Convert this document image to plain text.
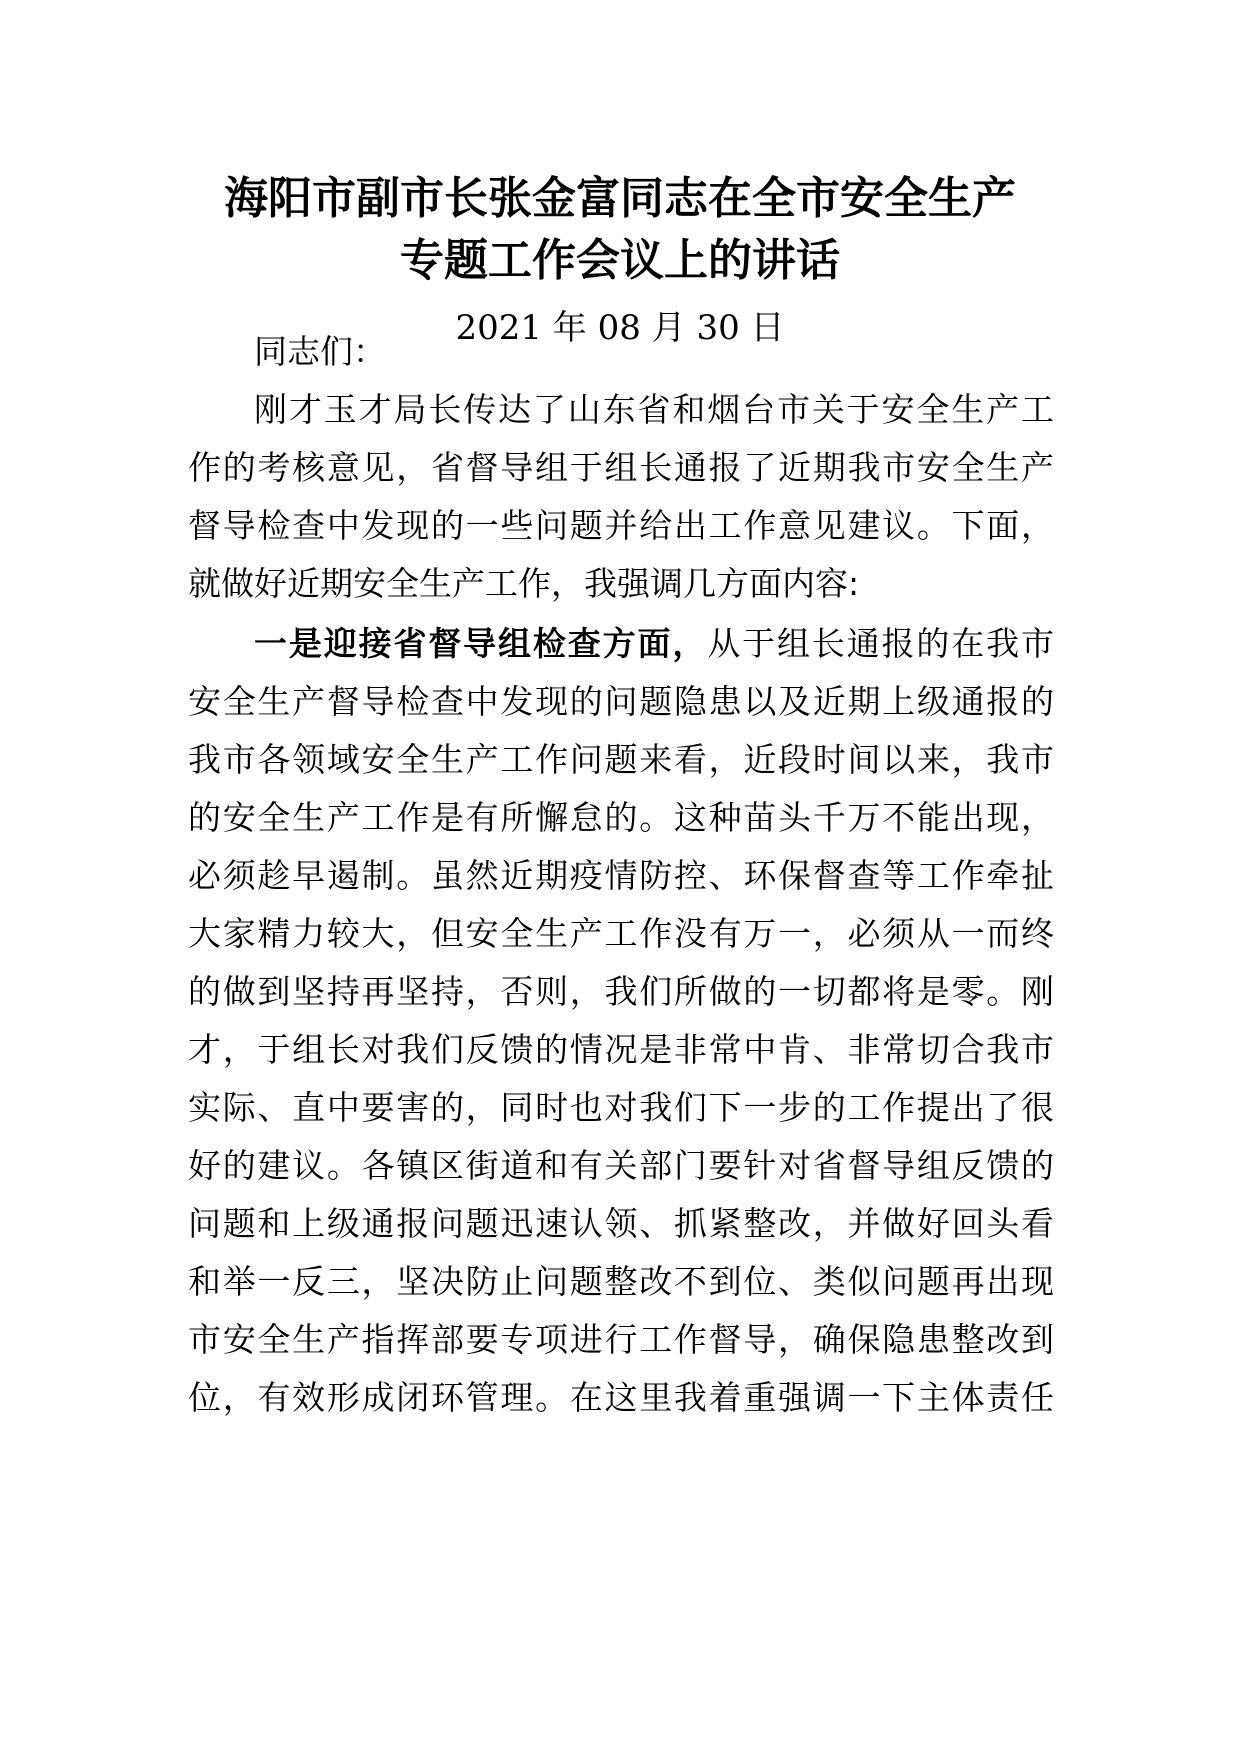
海阳市副市长张金富同志在全市安全生产
专题工作会议上的讲话
2021 年 08 月 30 日
同志们：
刚才玉才局长传达了山东省和烟台市关于安全生产工
作的考核意见，省督导组于组长通报了近期我市安全生产
督导检查中发现的一些问题并给出工作意见建议。下面，
就做好近期安全生产工作，我强调几方面内容:
一是迎接省督导组检查方面，从于组长通报的在我市
安全生产督导检查中发现的问题隐患以及近期上级通报的
我市各领域安全生产工作问题来看，近段时间以来，我市
的安全生产工作是有所懈怠的。这种苗头千万不能出现，
必须趁早遏制。虽然近期疫情防控、环保督查等工作牵扯
大家精力较大，但安全生产工作没有万一，必须从一而终
的做到坚持再坚持，否则，我们所做的一切都将是零。刚
才，于组长对我们反馈的情况是非常中肯、非常切合我市
实际、直中要害的，同时也对我们下一步的工作提出了很
好的建议。各镇区街道和有关部门要针对省督导组反馈的
问题和上级通报问题迅速认领、抓紧整改，并做好回头看
和举一反三，坚决防止问题整改不到位、类似问题再出现
市安全生产指挥部要专项进行工作督导，确保隐患整改到
位，有效形成闭环管理。在这里我着重强调一下主体责任
